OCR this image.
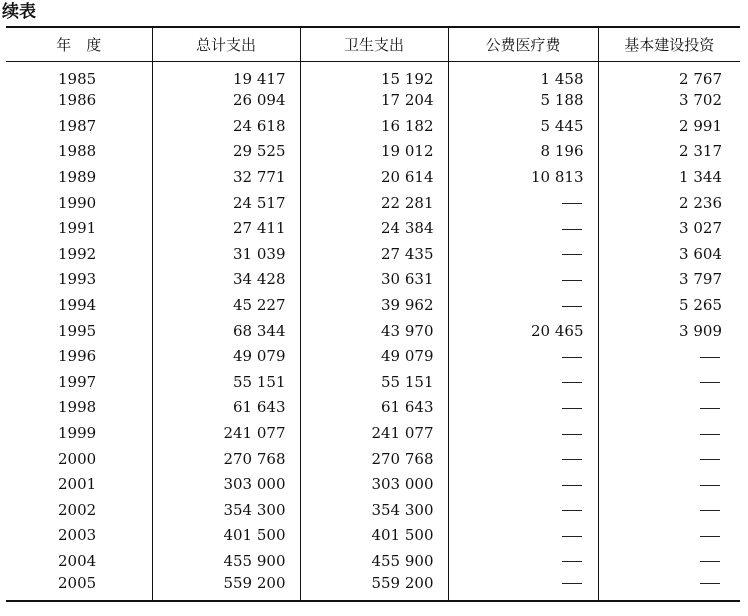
续表
年　度	总计支出	卫生支出	公费医疗费	基本建设投资
1985	19 417	15 192	1 458	2 767
1986	26 094	17 204	5 188	3 702
1987	24 618	16 182	5 445	2 991
1988	29 525	19 012	8 196	2 317
1989	32 771	20 614	10 813	1 344
1990	24 517	22 281		2 236
1991	27 411	24 384		3 027
1992	31 039	27 435		3 604
1993	34 428	30 631		3 797
1994	45 227	39 962		5 265
1995	68 344	43 970	20 465	3 909
1996	49 079	49 079		
1997	55 151	55 151		
1998	61 643	61 643		
1999	241 077	241 077		
2000	270 768	270 768		
2001	303 000	303 000		
2002	354 300	354 300		
2003	401 500	401 500		
2004	455 900	455 900		
2005	559 200	559 200		
